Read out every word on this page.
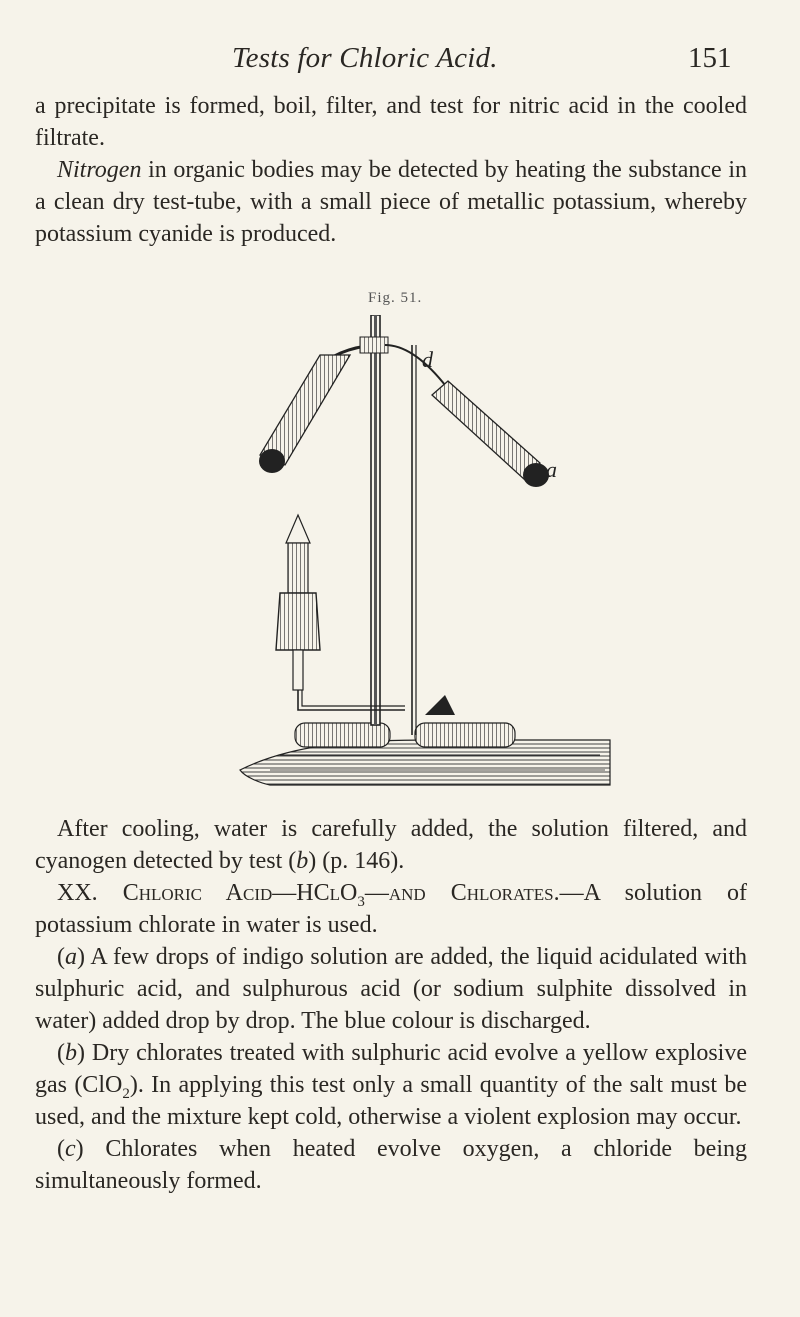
Tests for Chloric Acid.	151

a precipitate is formed, boil, filter, and test for nitric acid in the cooled filtrate.

Nitrogen in organic bodies may be detected by heating the substance in a clean dry test-tube, with a small piece of metallic potassium, whereby potassium cyanide is produced.

Fig. 51.
d
a

After cooling, water is carefully added, the solution filtered, and cyanogen detected by test (b) (p. 146).

XX. Chloric Acid—HClO$_3$—and Chlorates.—A solution of potassium chlorate in water is used.

(a) A few drops of indigo solution are added, the liquid acidulated with sulphuric acid, and sulphurous acid (or sodium sulphite dissolved in water) added drop by drop. The blue colour is discharged.

(b) Dry chlorates treated with sulphuric acid evolve a yellow explosive gas (ClO$_2$). In applying this test only a small quantity of the salt must be used, and the mixture kept cold, otherwise a violent explosion may occur.

(c) Chlorates when heated evolve oxygen, a chloride being simultaneously formed.
